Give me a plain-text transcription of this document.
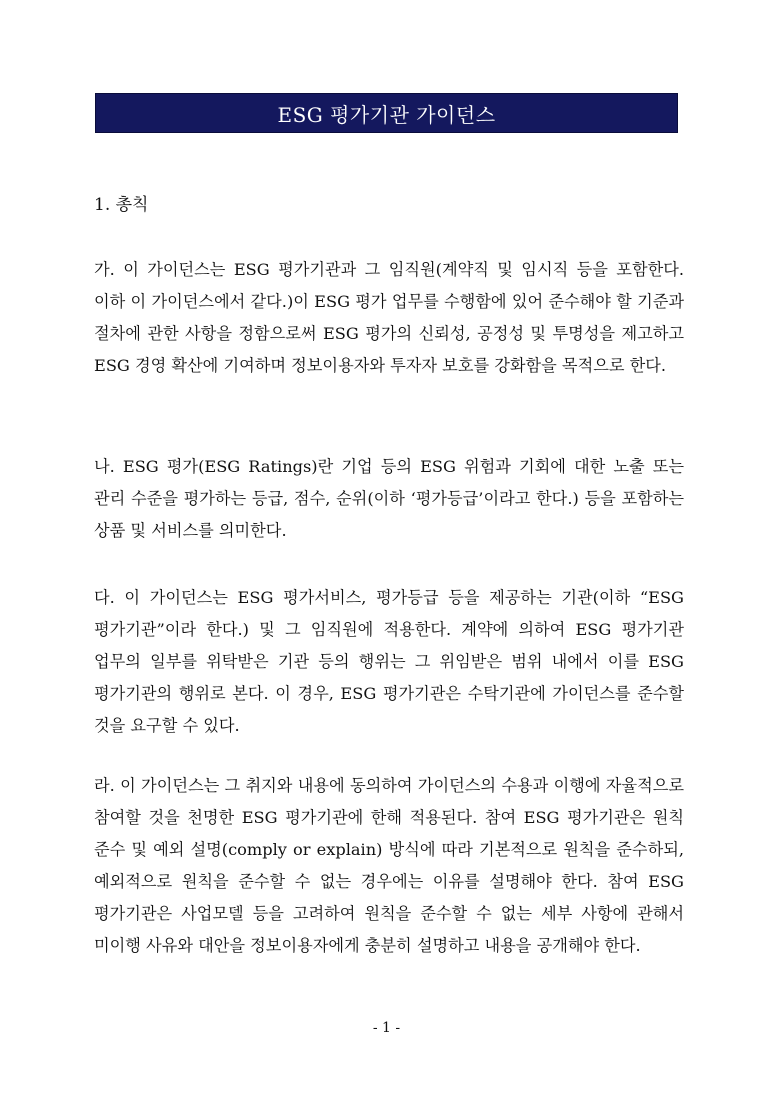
ESG 평가기관 가이던스
1. 총칙

가. 이 가이던스는 ESG 평가기관과 그 임직원(계약직 및 임시직 등을 포함한다. 이하 이 가이던스에서 같다.)이 ESG 평가 업무를 수행함에 있어 준수해야 할 기준과 절차에 관한 사항을 정함으로써 ESG 평가의 신뢰성, 공정성 및 투명성을 제고하고 ESG 경영 확산에 기여하며 정보이용자와 투자자 보호를 강화함을 목적으로 한다.

나. ESG 평가(ESG Ratings)란 기업 등의 ESG 위험과 기회에 대한 노출 또는 관리 수준을 평가하는 등급, 점수, 순위(이하 ‘평가등급’이라고 한다.) 등을 포함하는 상품 및 서비스를 의미한다.

다. 이 가이던스는 ESG 평가서비스, 평가등급 등을 제공하는 기관(이하 “ESG 평가기관”이라 한다.) 및 그 임직원에 적용한다. 계약에 의하여 ESG 평가기관 업무의 일부를 위탁받은 기관 등의 행위는 그 위임받은 범위 내에서 이를 ESG 평가기관의 행위로 본다. 이 경우, ESG 평가기관은 수탁기관에 가이던스를 준수할 것을 요구할 수 있다.

라. 이 가이던스는 그 취지와 내용에 동의하여 가이던스의 수용과 이행에 자율적으로 참여할 것을 천명한 ESG 평가기관에 한해 적용된다. 참여 ESG 평가기관은 원칙 준수 및 예외 설명(comply or explain) 방식에 따라 기본적으로 원칙을 준수하되, 예외적으로 원칙을 준수할 수 없는 경우에는 이유를 설명해야 한다. 참여 ESG 평가기관은 사업모델 등을 고려하여 원칙을 준수할 수 없는 세부 사항에 관해서 미이행 사유와 대안을 정보이용자에게 충분히 설명하고 내용을 공개해야 한다.

- 1 -
